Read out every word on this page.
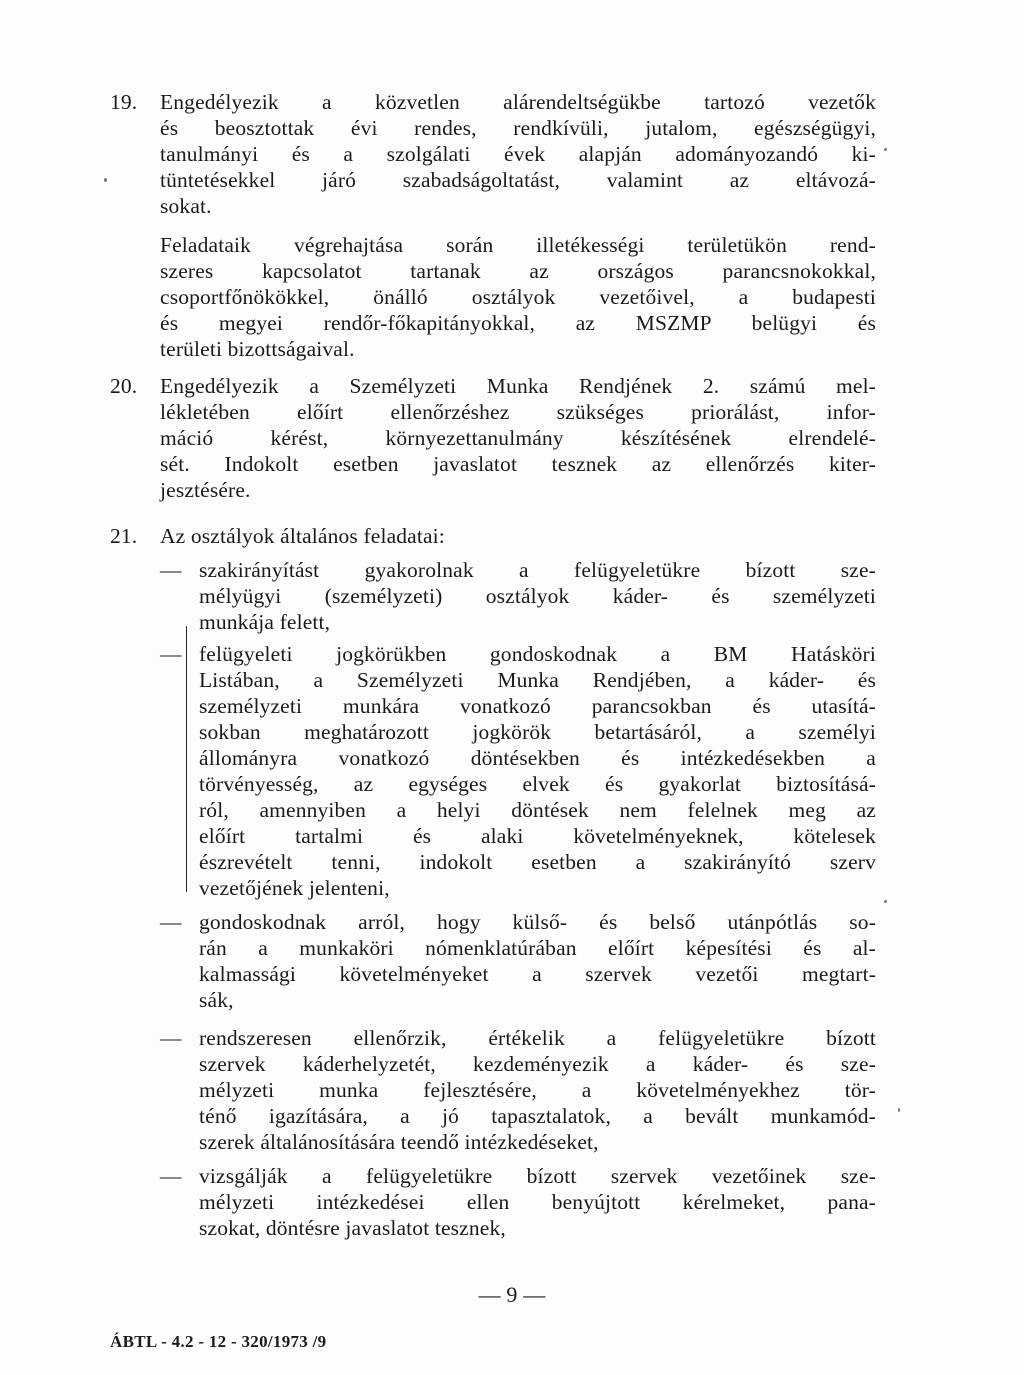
19. Engedélyezik a közvetlen alárendeltségükbe tartozó vezetők
és beosztottak évi rendes, rendkívüli, jutalom, egészségügyi,
tanulmányi és a szolgálati évek alapján adományozandó ki-
tüntetésekkel járó szabadságoltatást, valamint az eltávozá-
sokat.
Feladataik végrehajtása során illetékességi területükön rend-
szeres kapcsolatot tartanak az országos parancsnokokkal,
csoportfőnökökkel, önálló osztályok vezetőivel, a budapesti
és megyei rendőr-főkapitányokkal, az MSZMP belügyi és
területi bizottságaival.
20. Engedélyezik a Személyzeti Munka Rendjének 2. számú mel-
lékletében előírt ellenőrzéshez szükséges priorálást, infor-
máció kérést, környezettanulmány készítésének elrendelé-
sét. Indokolt esetben javaslatot tesznek az ellenőrzés kiter-
jesztésére.
21. Az osztályok általános feladatai:
— szakirányítást gyakorolnak a felügyeletükre bízott sze-
mélyügyi (személyzeti) osztályok káder- és személyzeti
munkája felett,
— felügyeleti jogkörükben gondoskodnak a BM Hatásköri
Listában, a Személyzeti Munka Rendjében, a káder- és
személyzeti munkára vonatkozó parancsokban és utasítá-
sokban meghatározott jogkörök betartásáról, a személyi
állományra vonatkozó döntésekben és intézkedésekben a
törvényesség, az egységes elvek és gyakorlat biztosításá-
ról, amennyiben a helyi döntések nem felelnek meg az
előírt tartalmi és alaki követelményeknek, kötelesek
észrevételt tenni, indokolt esetben a szakirányító szerv
vezetőjének jelenteni,
— gondoskodnak arról, hogy külső- és belső utánpótlás so-
rán a munkaköri nómenklatúrában előírt képesítési és al-
kalmassági követelményeket a szervek vezetői megtart-
sák,
— rendszeresen ellenőrzik, értékelik a felügyeletükre bízott
szervek káderhelyzetét, kezdeményezik a káder- és sze-
mélyzeti munka fejlesztésére, a követelményekhez tör-
ténő igazítására, a jó tapasztalatok, a bevált munkamód-
szerek általánosítására teendő intézkedéseket,
— vizsgálják a felügyeletükre bízott szervek vezetőinek sze-
mélyzeti intézkedései ellen benyújtott kérelmeket, pana-
szokat, döntésre javaslatot tesznek,
— 9 —
ÁBTL - 4.2 - 12 - 320/1973 /9
